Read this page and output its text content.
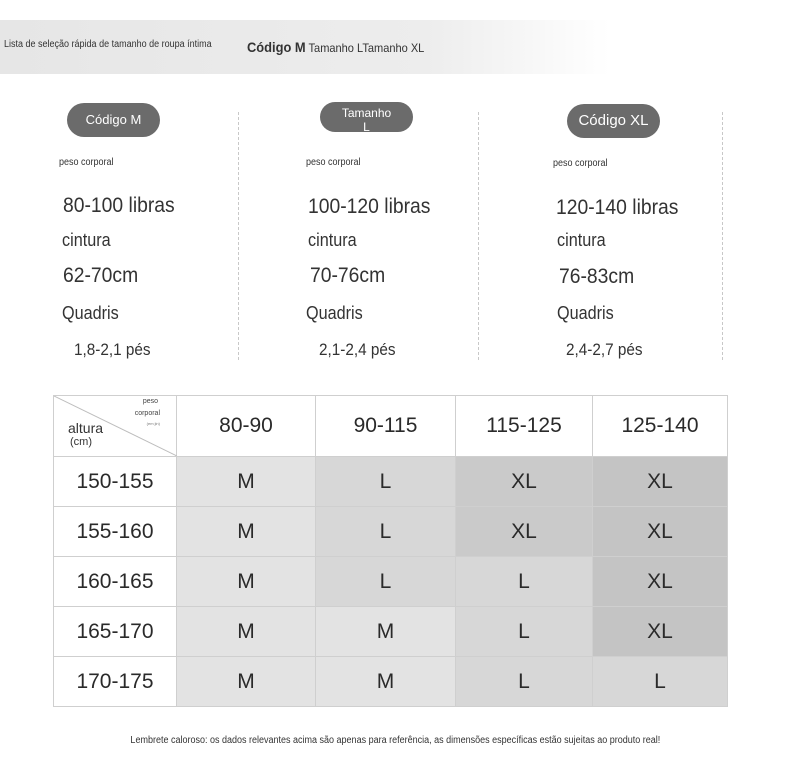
Lista de seleção rápida de tamanho de roupa íntima	Código M Tamanho LTamanho XL
Código M
peso corporal
80-100 libras
cintura
62-70cm
Quadris
1,8-2,1 pés
Tamanho
L
peso corporal
100-120 libras
cintura
70-76cm
Quadris
2,1-2,4 pés
Código XL
peso corporal
120-140 libras
cintura
76-83cm
Quadris
2,4-2,7 pés
peso
corporal
(em jin)
altura
(cm)	80-90	90-115	115-125	125-140
150-155	M	L	XL	XL
155-160	M	L	XL	XL
160-165	M	L	L	XL
165-170	M	M	L	XL
170-175	M	M	L	L
Lembrete caloroso: os dados relevantes acima são apenas para referência, as dimensões específicas estão sujeitas ao produto real!
